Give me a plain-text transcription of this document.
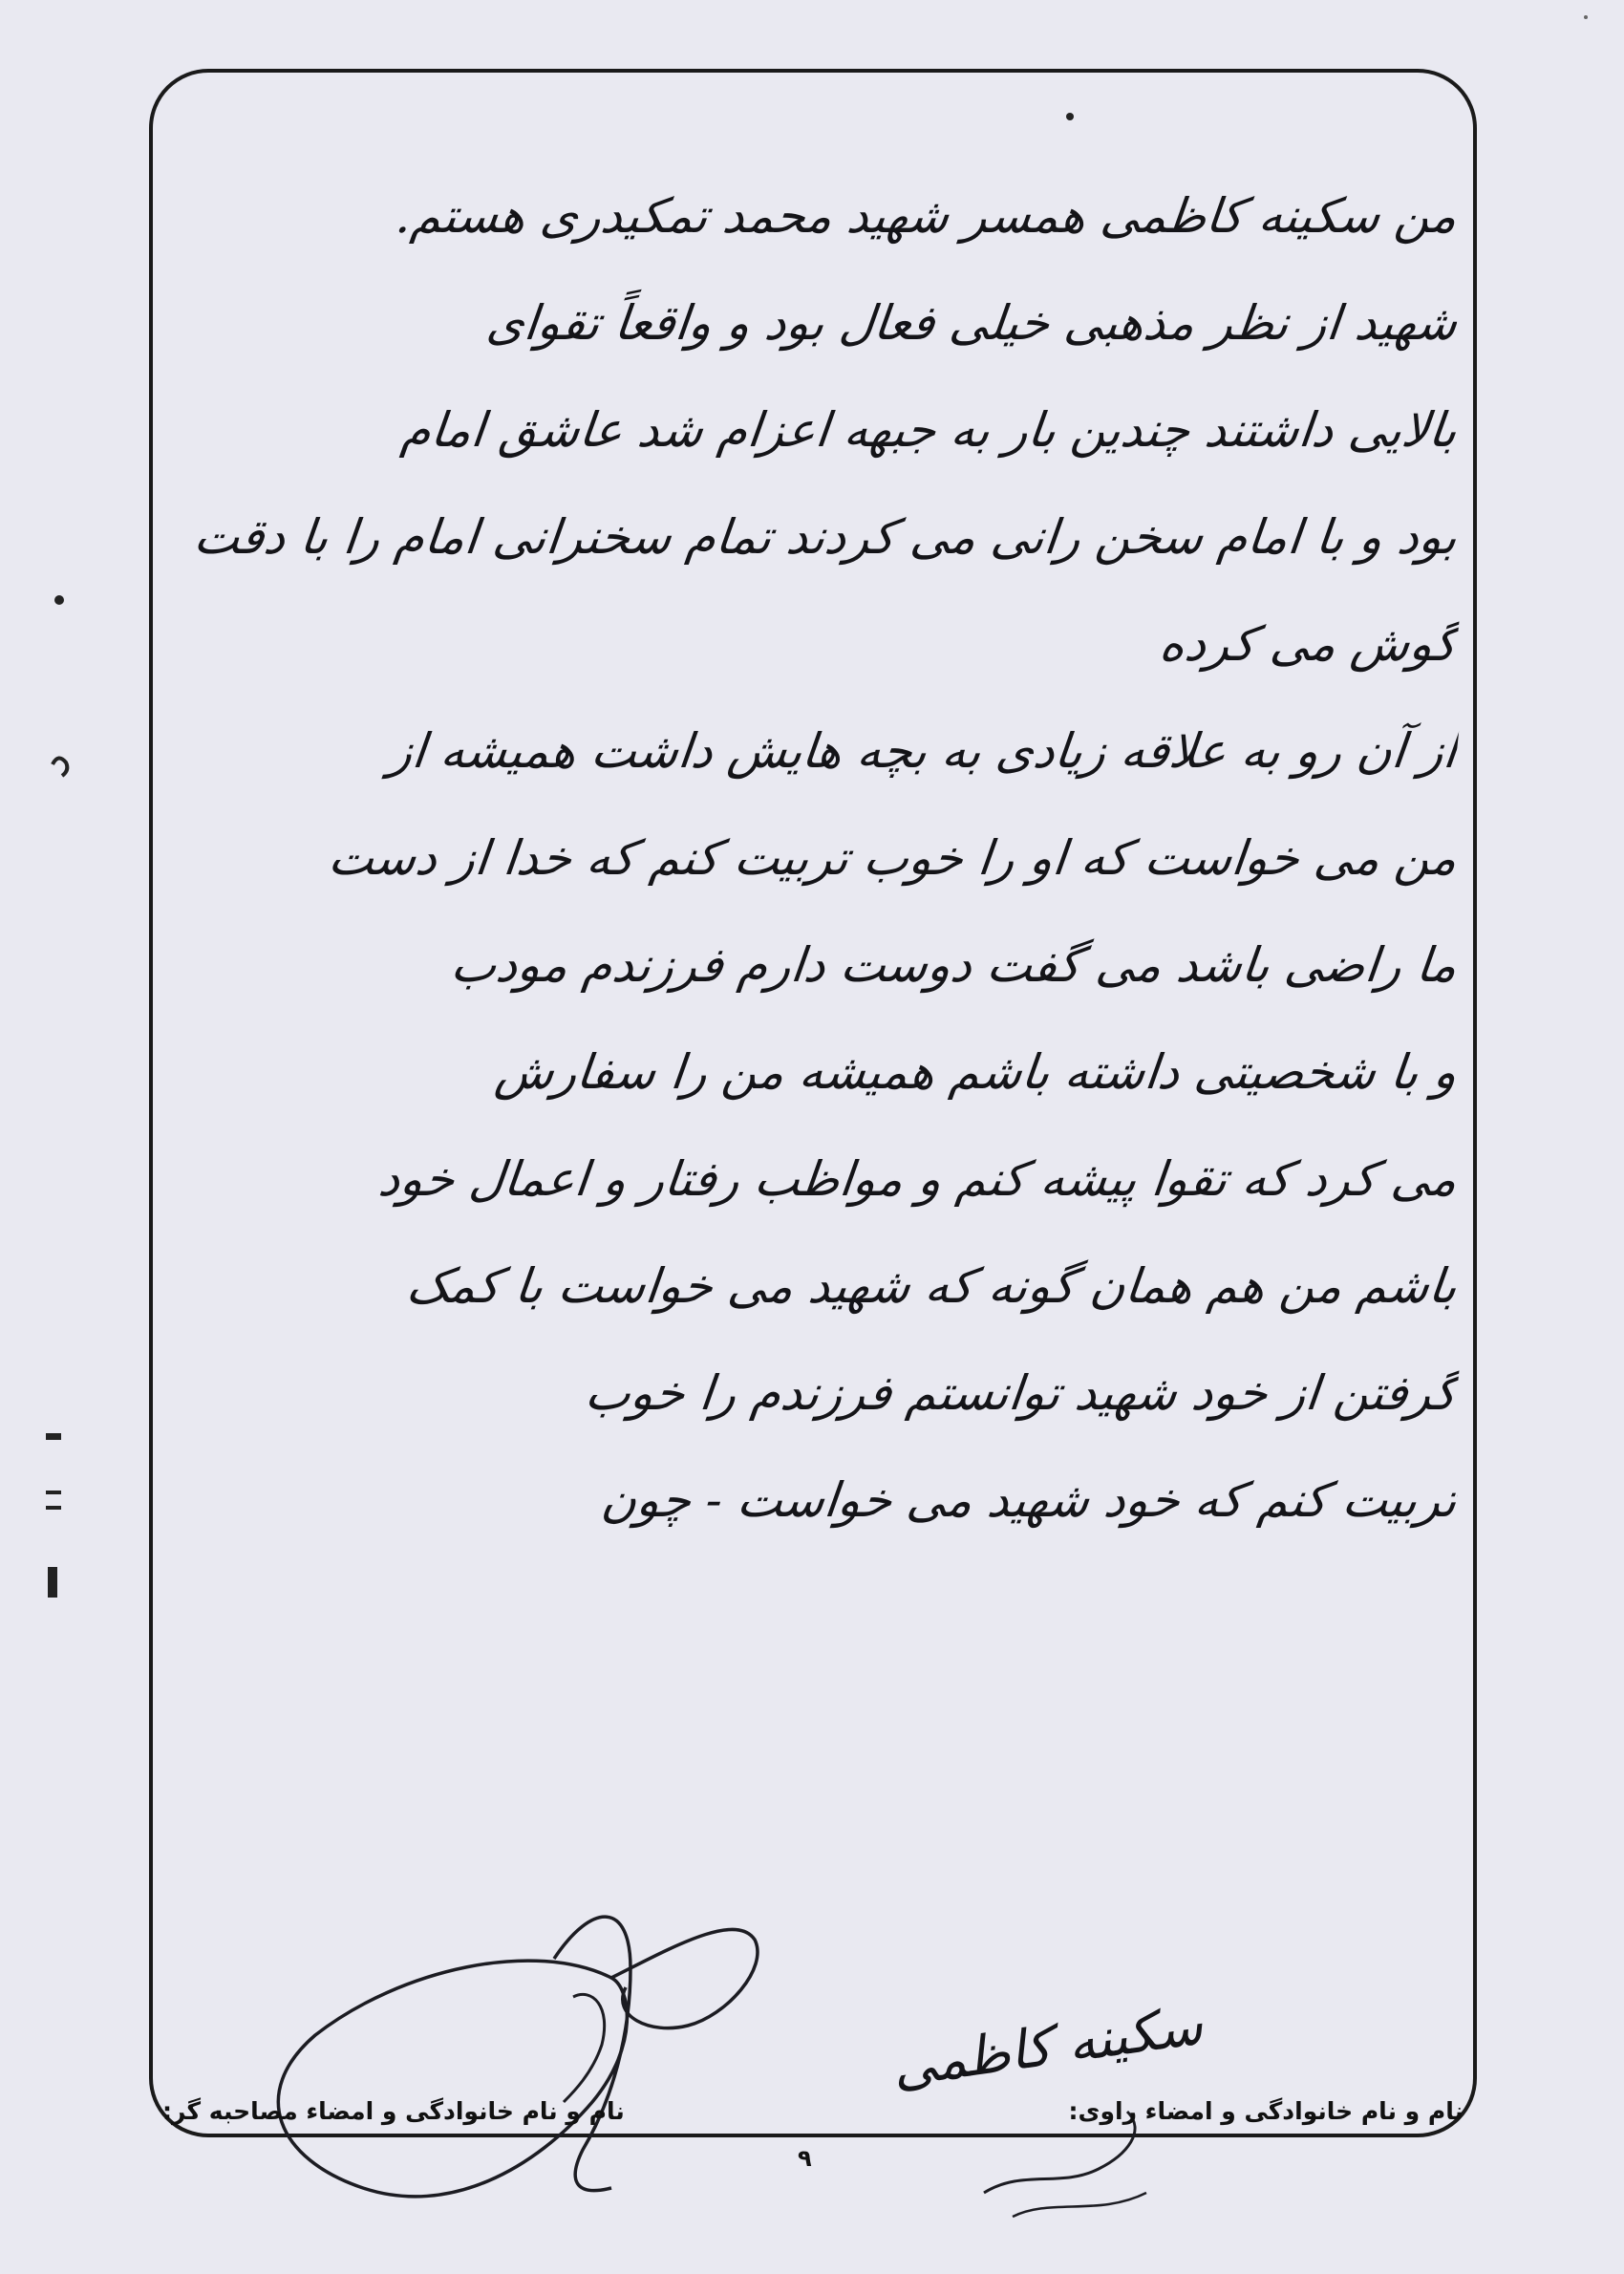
من سکینه کاظمی همسر شهید محمد تمکیدری هستم.
شهید از نظر مذهبی خیلی فعال بود و واقعاً تقوای
بالایی داشتند چندین بار به جبهه اعزام شد عاشق امام
بود و با امام سخن رانی می کردند تمام سخنرانی امام را با دقت
گوش می کرده
از آن رو به علاقه زیادی به بچه هایش داشت همیشه از
من می خواست که او را خوب تربیت کنم که خدا از دست
ما راضی باشد می گفت دوست دارم فرزندم مودب
و با شخصیتی داشته باشم همیشه من را سفارش
می کرد که تقوا پیشه کنم و مواظب رفتار و اعمال خود
باشم من هم همان گونه که شهید می خواست با کمک
گرفتن از خود شهید توانستم فرزندم را خوب
تربیت کنم که خود شهید می خواست - چون
سکینه کاظمی
نام و نام خانوادگی و امضاء راوی:
نام و نام خانوادگی و امضاء مصاحبه گر:
۹
